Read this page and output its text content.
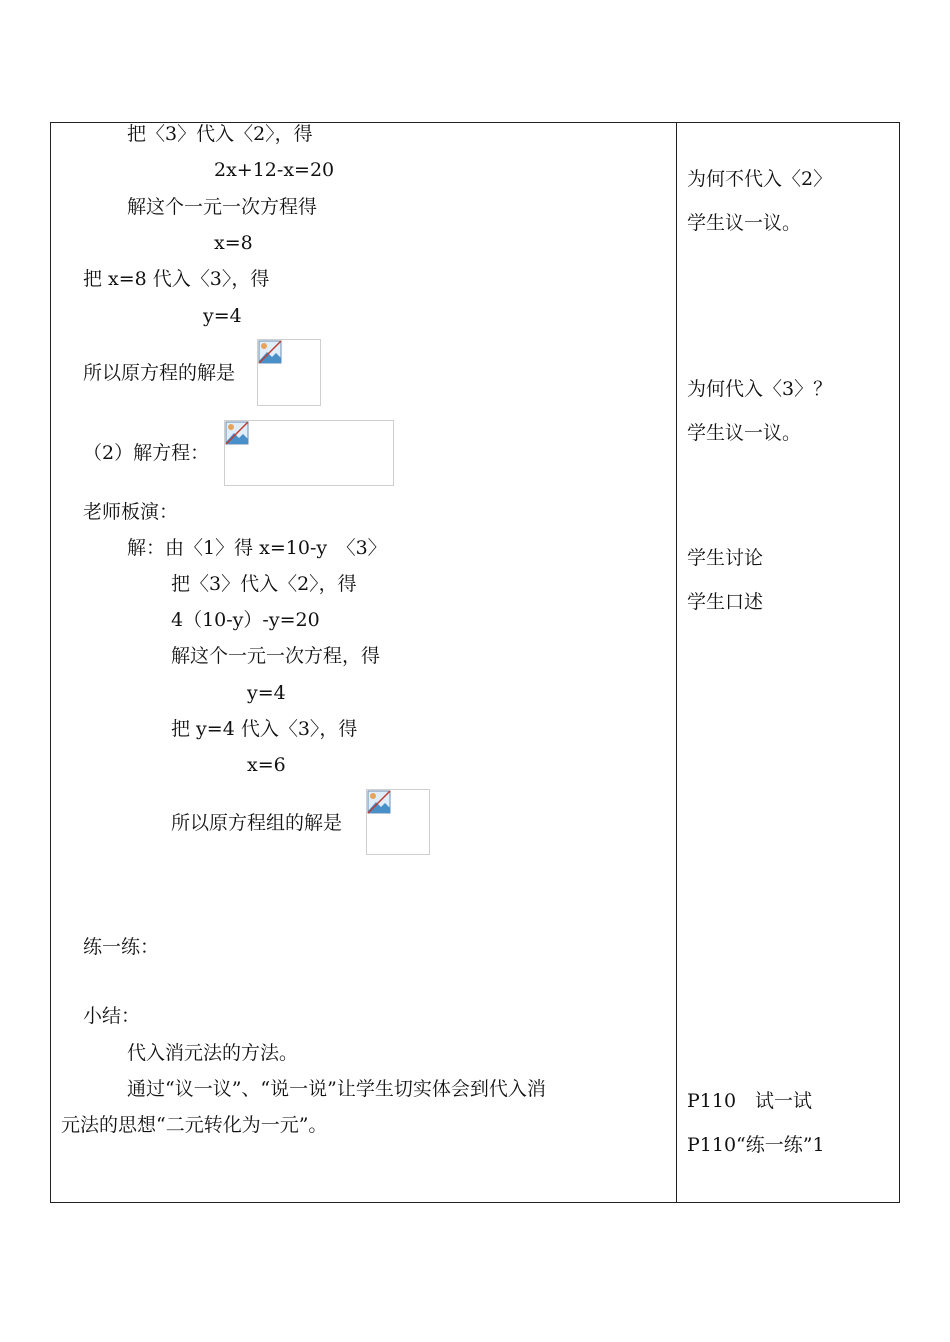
把〈3〉代入〈2〉，得
2x+12-x=20
解这个一元一次方程得
x=8
把 x=8 代入〈3〉，得
y=4
所以原方程的解是
（2）解方程：
老师板演：
解：由〈1〉得 x=10-y　〈3〉
把〈3〉代入〈2〉，得
4（10-y）-y=20
解这个一元一次方程，得
y=4
把 y=4 代入〈3〉，得
x=6
所以原方程组的解是
练一练：
小结：
代入消元法的方法。
通过“议一议”、“说一说”让学生切实体会到代入消
元法的思想“二元转化为一元”。
为何不代入〈2〉
学生议一议。
为何代入〈3〉？
学生议一议。
学生讨论
学生口述
P110　试一试
P110“练一练”1
